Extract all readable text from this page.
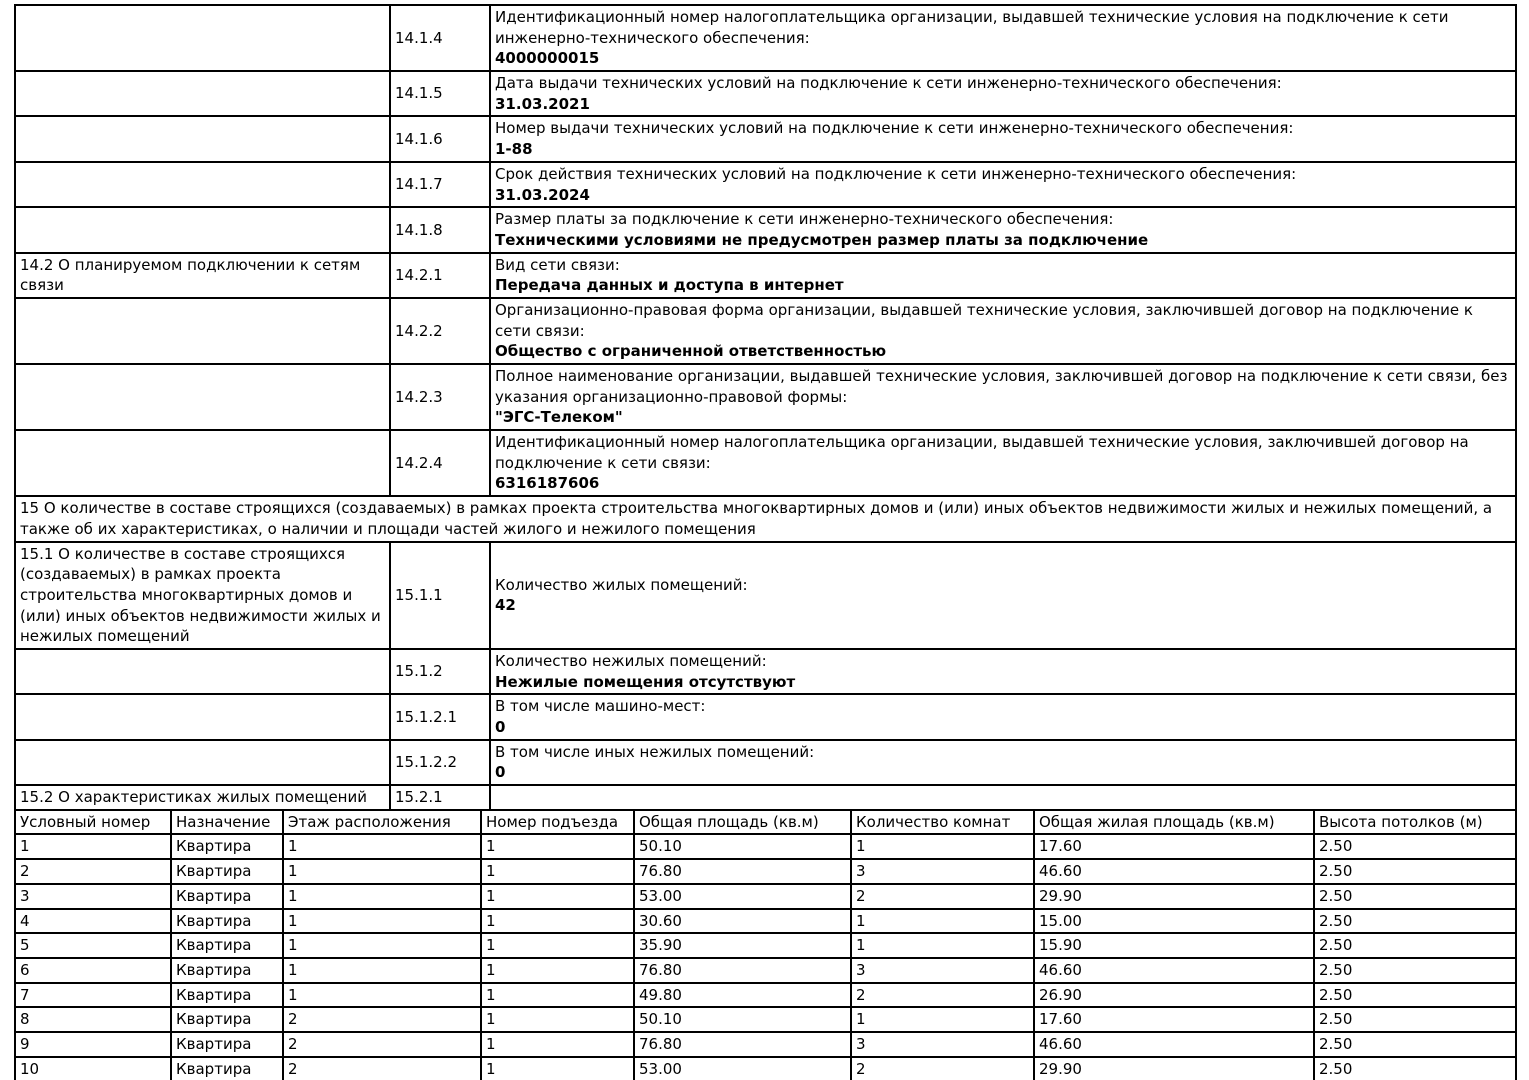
	14.1.4	Идентификационный номер налогоплательщика организации, выдавшей технические условия на подключение к сети инженерно-технического обеспечения:
4000000015

	14.1.5	Дата выдачи технических условий на подключение к сети инженерно-технического обеспечения:
31.03.2021

	14.1.6	Номер выдачи технических условий на подключение к сети инженерно-технического обеспечения:
1-88

	14.1.7	Срок действия технических условий на подключение к сети инженерно-технического обеспечения:
31.03.2024

	14.1.8	Размер платы за подключение к сети инженерно-технического обеспечения:
Техническими условиями не предусмотрен размер платы за подключение

14.2 О планируемом подключении к сетям связи	14.2.1	Вид сети связи:
Передача данных и доступа в интернет

	14.2.2	Организационно-правовая форма организации, выдавшей технические условия, заключившей договор на подключение к сети связи:
Общество с ограниченной ответственностью

	14.2.3	Полное наименование организации, выдавшей технические условия, заключившей договор на подключение к сети связи, без указания организационно-правовой формы:
"ЭГС-Телеком"

	14.2.4	Идентификационный номер налогоплательщика организации, выдавшей технические условия, заключившей договор на подключение к сети связи:
6316187606

15 О количестве в составе строящихся (создаваемых) в рамках проекта строительства многоквартирных домов и (или) иных объектов недвижимости жилых и нежилых помещений, а также об их характеристиках, о наличии и площади частей жилого и нежилого помещения		
15.1 О количестве в составе строящихся (создаваемых) в рамках проекта строительства многоквартирных домов и (или) иных объектов недвижимости жилых и нежилых помещений	15.1.1	Количество жилых помещений:
42

	15.1.2	Количество нежилых помещений:
Нежилые помещения отсутствуют

	15.1.2.1	В том числе машино-мест:
0

	15.1.2.2	В том числе иных нежилых помещений:
0

15.2 О характеристиках жилых помещений	15.2.1	
Условный номер	Назначение	Этаж расположения	Номер подъезда	Общая площадь (кв.м)	Количество комнат	Общая жилая площадь (кв.м)	Высота потолков (м)
1	Квартира	1	1	50.10	1	17.60	2.50
2	Квартира	1	1	76.80	3	46.60	2.50
3	Квартира	1	1	53.00	2	29.90	2.50
4	Квартира	1	1	30.60	1	15.00	2.50
5	Квартира	1	1	35.90	1	15.90	2.50
6	Квартира	1	1	76.80	3	46.60	2.50
7	Квартира	1	1	49.80	2	26.90	2.50
8	Квартира	2	1	50.10	1	17.60	2.50
9	Квартира	2	1	76.80	3	46.60	2.50
10	Квартира	2	1	53.00	2	29.90	2.50
